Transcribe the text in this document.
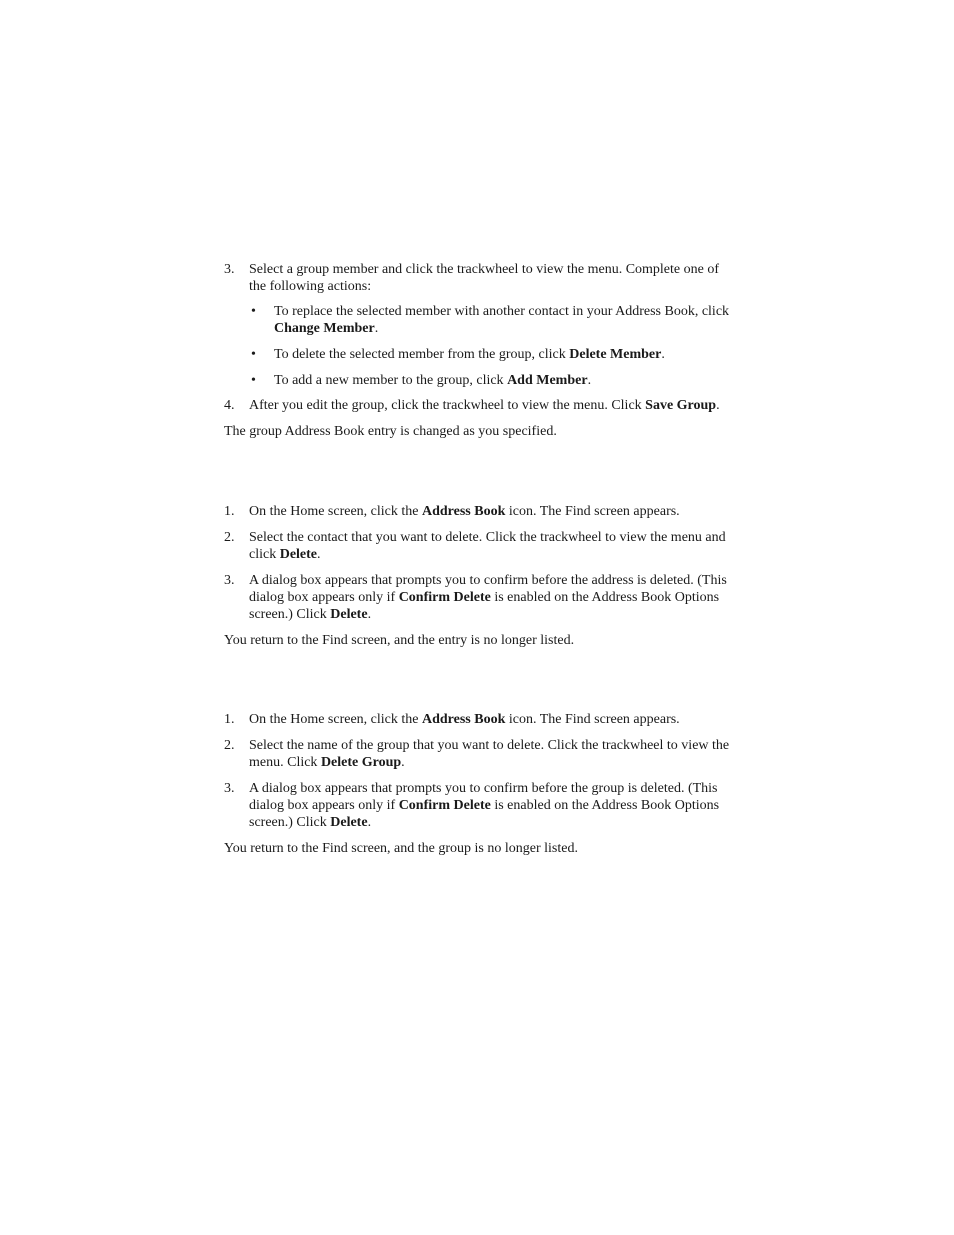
3. Select a group member and click the trackwheel to view the menu. Complete one of the following actions:
• To replace the selected member with another contact in your Address Book, click Change Member.
• To delete the selected member from the group, click Delete Member.
• To add a new member to the group, click Add Member.
4. After you edit the group, click the trackwheel to view the menu. Click Save Group.

The group Address Book entry is changed as you specified.

1. On the Home screen, click the Address Book icon. The Find screen appears.
2. Select the contact that you want to delete. Click the trackwheel to view the menu and click Delete.
3. A dialog box appears that prompts you to confirm before the address is deleted. (This dialog box appears only if Confirm Delete is enabled on the Address Book Options screen.) Click Delete.

You return to the Find screen, and the entry is no longer listed.

1. On the Home screen, click the Address Book icon. The Find screen appears.
2. Select the name of the group that you want to delete. Click the trackwheel to view the menu. Click Delete Group.
3. A dialog box appears that prompts you to confirm before the group is deleted. (This dialog box appears only if Confirm Delete is enabled on the Address Book Options screen.) Click Delete.

You return to the Find screen, and the group is no longer listed.
